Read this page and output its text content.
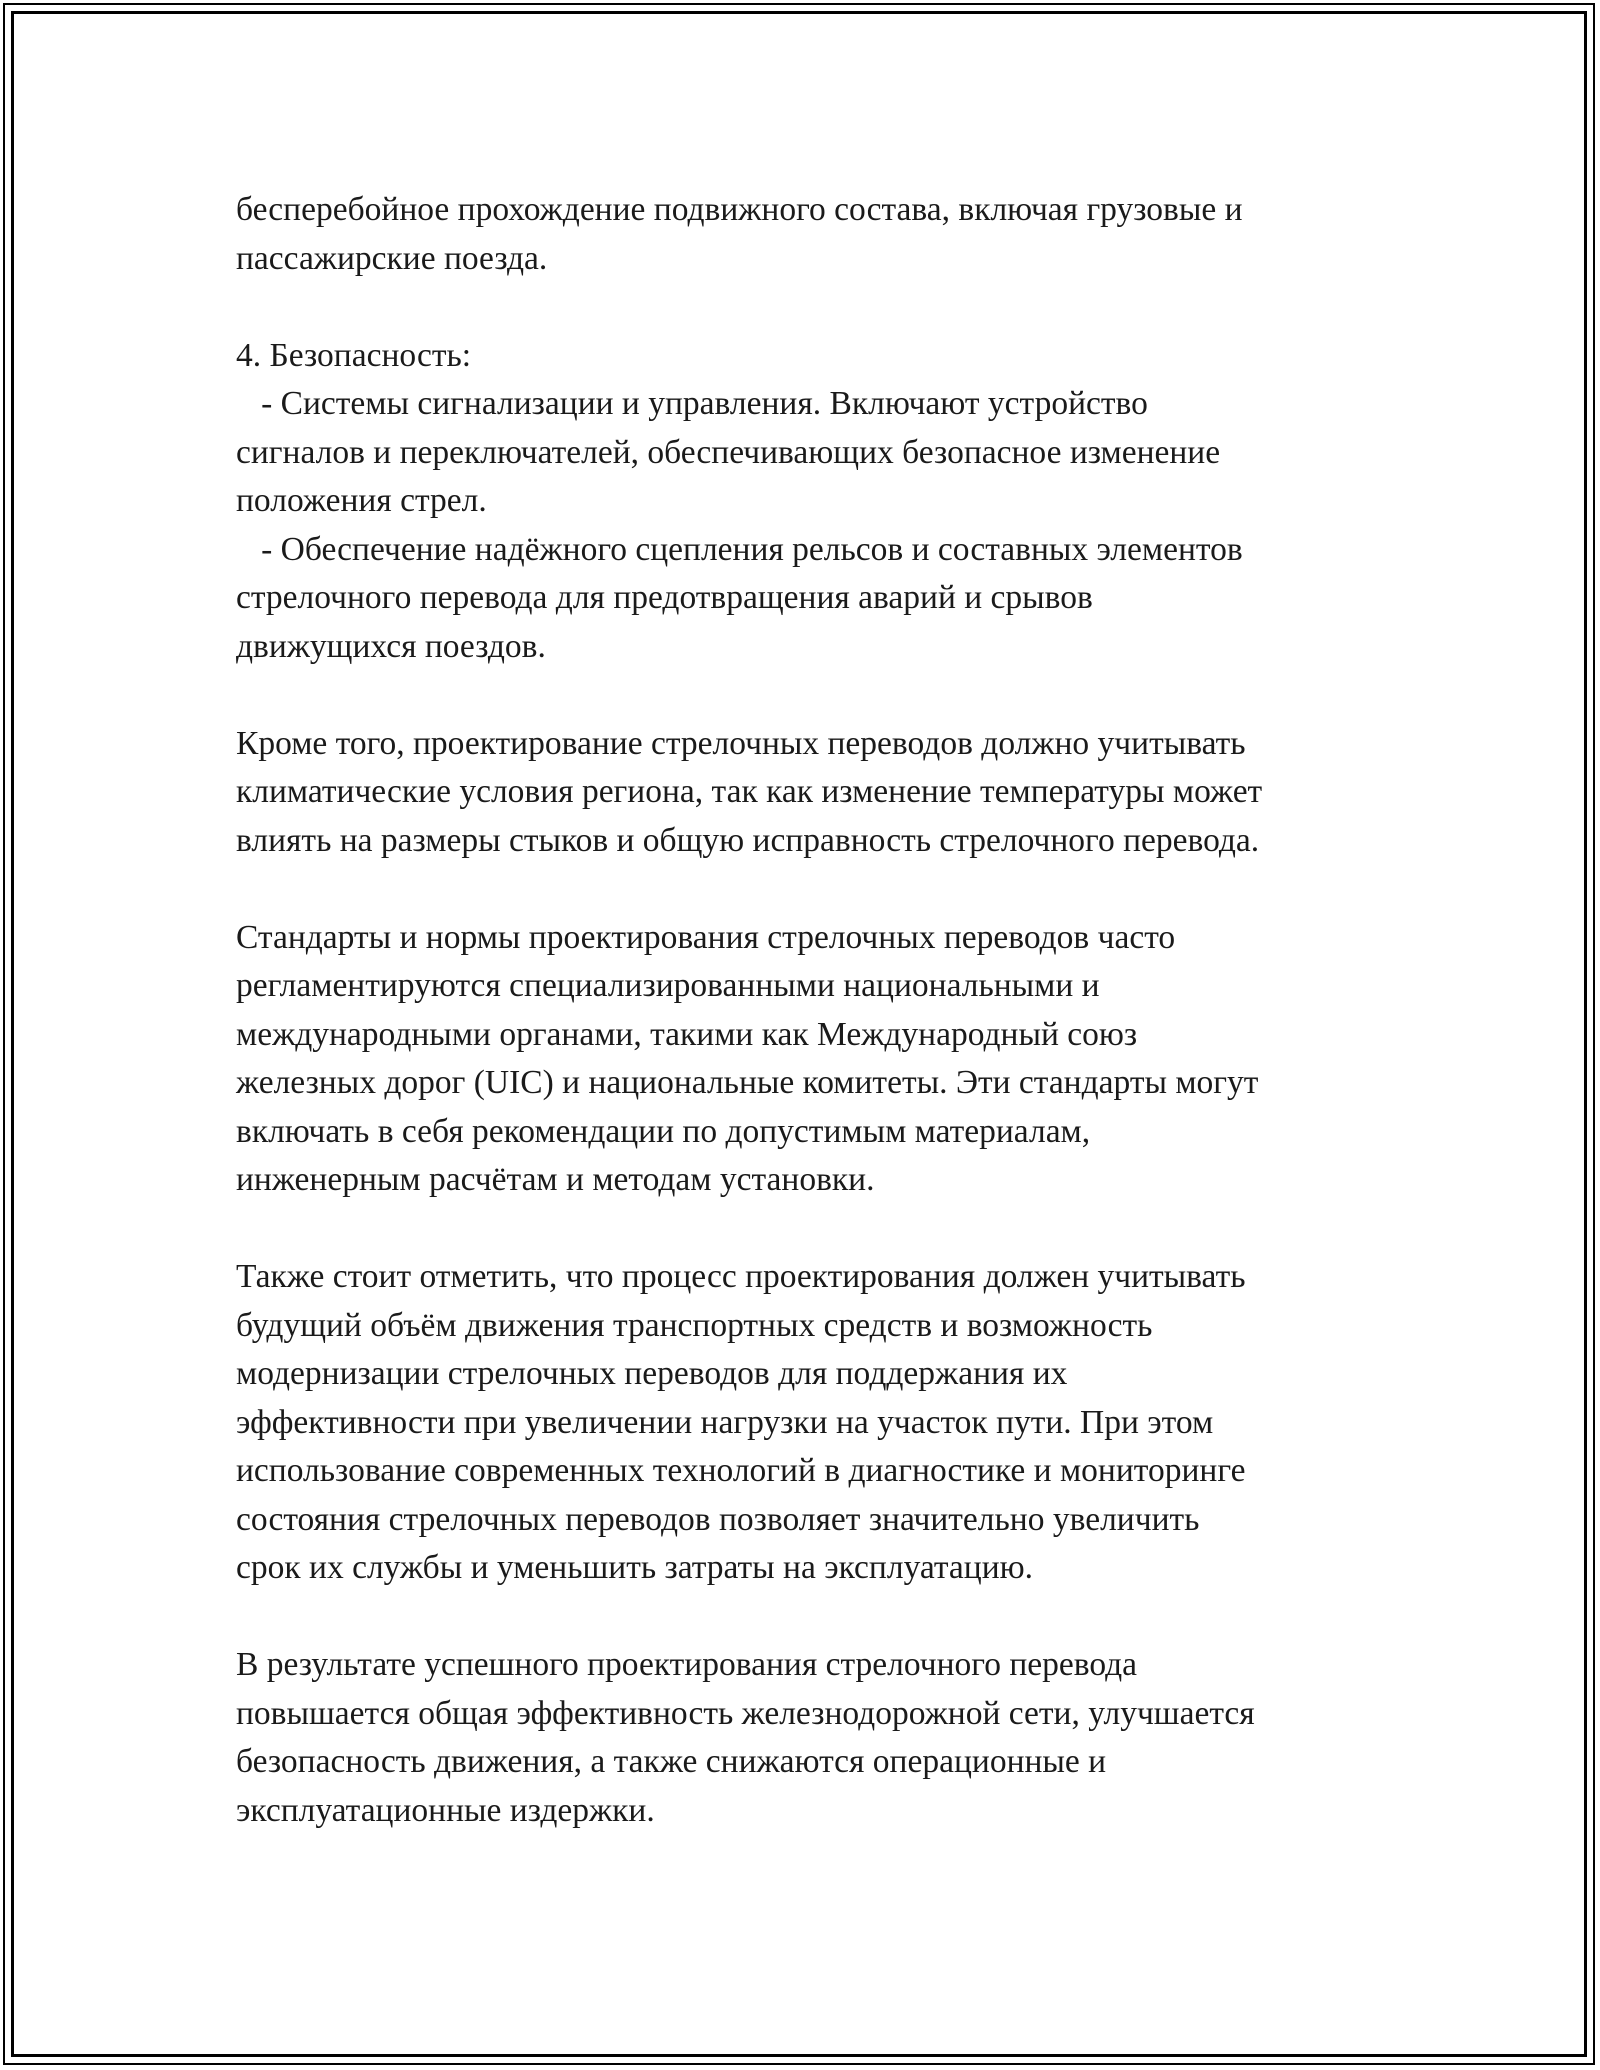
бесперебойное прохождение подвижного состава, включая грузовые и
пассажирские поезда.
4. Безопасность:
- Системы сигнализации и управления. Включают устройство
сигналов и переключателей, обеспечивающих безопасное изменение
положения стрел.
- Обеспечение надёжного сцепления рельсов и составных элементов
стрелочного перевода для предотвращения аварий и срывов
движущихся поездов.
Кроме того, проектирование стрелочных переводов должно учитывать
климатические условия региона, так как изменение температуры может
влиять на размеры стыков и общую исправность стрелочного перевода.
Стандарты и нормы проектирования стрелочных переводов часто
регламентируются специализированными национальными и
международными органами, такими как Международный союз
железных дорог (UIC) и национальные комитеты. Эти стандарты могут
включать в себя рекомендации по допустимым материалам,
инженерным расчётам и методам установки.
Также стоит отметить, что процесс проектирования должен учитывать
будущий объём движения транспортных средств и возможность
модернизации стрелочных переводов для поддержания их
эффективности при увеличении нагрузки на участок пути. При этом
использование современных технологий в диагностике и мониторинге
состояния стрелочных переводов позволяет значительно увеличить
срок их службы и уменьшить затраты на эксплуатацию.
В результате успешного проектирования стрелочного перевода
повышается общая эффективность железнодорожной сети, улучшается
безопасность движения, а также снижаются операционные и
эксплуатационные издержки.
